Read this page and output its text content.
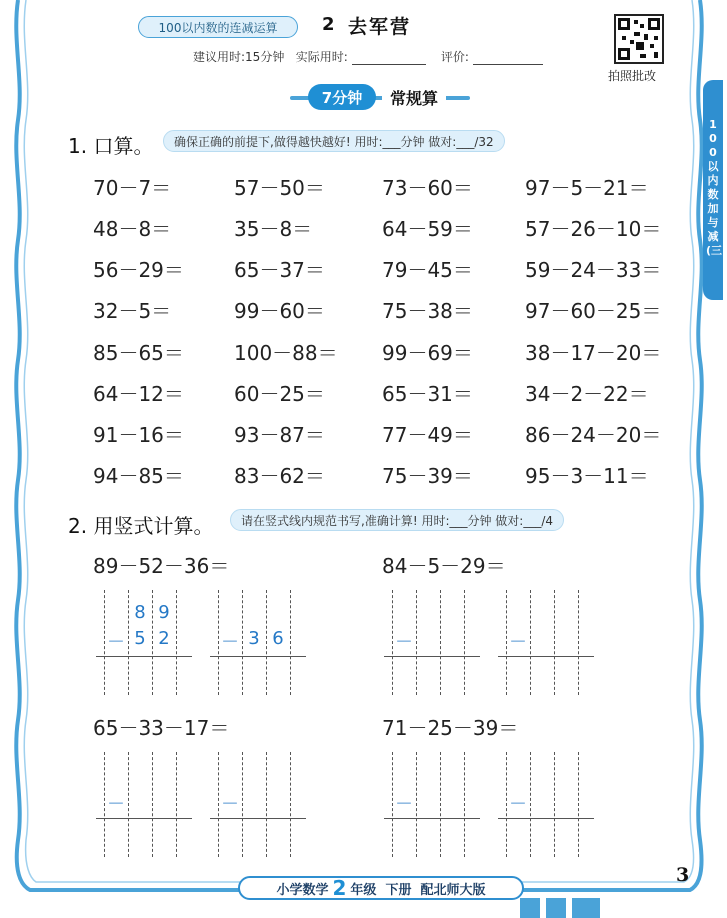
100以内数的连减运算	2 去军营
建议用时:15分钟 实际用时:	评价:
拍照批改
7分钟	常规算
1. 口算。	确保正确的前提下,做得越快越好! 用时:___分钟 做对:___/32
70－7＝	57－50＝	73－60＝	97－5－21＝
48－8＝	35－8＝	64－59＝	57－26－10＝
56－29＝	65－37＝	79－45＝	59－24－33＝
32－5＝	99－60＝	75－38＝	97－60－25＝
85－65＝	100－88＝ 99－69＝	38－17－20＝
64－12＝	60－25＝	65－31＝	34－2－22＝
91－16＝	93－87＝	77－49＝	86－24－20＝
94－85＝	83－62＝	75－39＝	95－3－11＝
2. 用竖式计算。	请在竖式线内规范书写,准确计算! 用时:___分钟 做对:___/4
89－52－36＝	84－5－29＝
65－33－17＝	71－25－39＝
8 9
－ 5 2	－ 3 6	－	－
－	－	－	－
100以内数加与减(三)
小学数学 2 年级
下册
配北师大版
3
